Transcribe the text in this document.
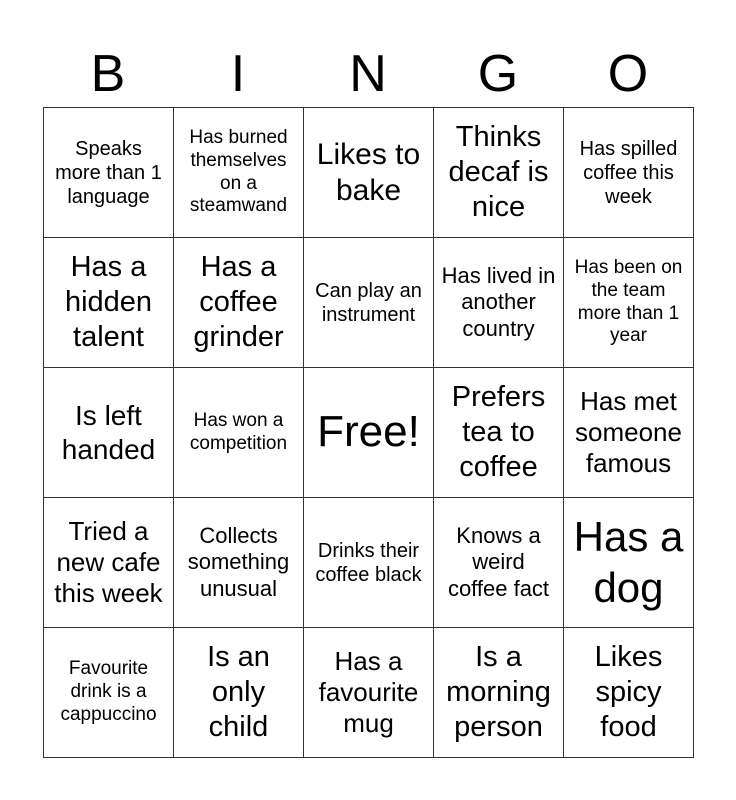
B	I	N	G	O
Speaks more than 1 language	Has burned themselves on a steamwand	Likes to bake	Thinks decaf is nice	Has spilled coffee this week
Has a hidden talent	Has a coffee grinder	Can play an instrument	Has lived in another country	Has been on the team more than 1 year
Is left handed	Has won a competition	Free!	Prefers tea to coffee	Has met someone famous
Tried a new cafe this week	Collects something unusual	Drinks their coffee black	Knows a weird coffee fact	Has a dog
Favourite drink is a cappuccino	Is an only child	Has a favourite mug	Is a morning person	Likes spicy food
